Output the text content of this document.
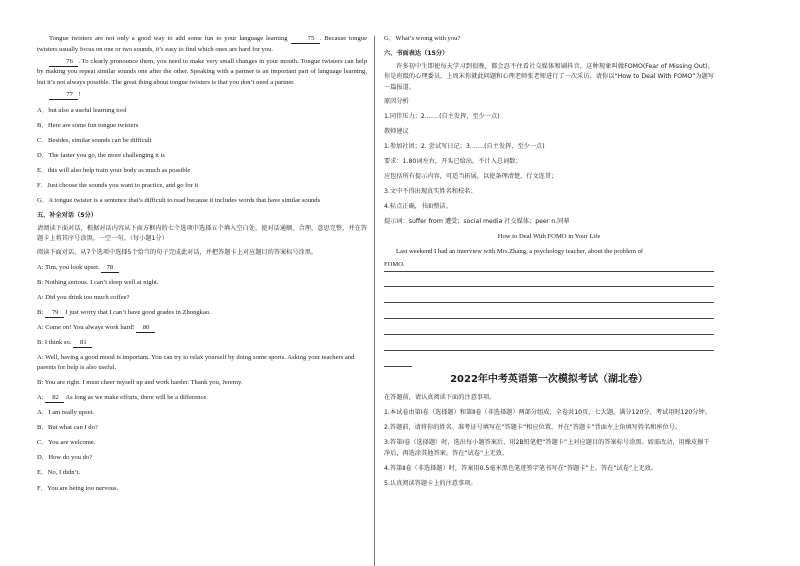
Tongue twisters are not only a good way to add some fun to your language learning	75 . Because tongue twisters usually focus on one or two sounds, it’s easy to find which ones are hard for you.

76 . To clearly pronounce them, you need to make very small changes in your mouth. Tongue twisters can help by making you repeat similar sounds one after the other. Speaking with a partner is an important part of language learning, but it’s not always possible. The great thing about tongue twisters is that you don’t need a partner.

77 !

A．but also a useful learning tool

B．Here are some fun tongue twisters

C．Besides, similar sounds can be difficult

D．The faster you go, the more challenging it is

E．this will also help train your body as much as possible

F．Just choose the sounds you want to practice, and go for it

G．A tongue twister is a sentence that’s difficult to read because it includes words that have similar sounds

五、补全对话（5分）

请阅读下面对话，根据对话内容从下面方框内的七个选项中选择五个填入空白处，使对话通顺、合理，意思完整，并在答题卡上将其序号涂黑。一空一句。（每小题1分）

阅读下面对话，从7个选项中选择5个恰当的句子完成此对话，并把答题卡上对应题目的答案标号涂黑。

A: Tim, you look upset. 78

B: Nothing serious. I can’t sleep well at night.

A: Did you drink too much coffee?

B: 79 I just worry that I can’t have good grades in Zhongkao.

A: Come on! You always work hard! 80

B: I think so. 81

A: Well, having a good mood is important. You can try to relax yourself by doing some sports. Asking your teachers and parents for help is also useful.

B: You are right. I must cheer myself up and work harder. Thank you, Jeremy.

A: 82 As long as we make efforts, there will be a difference.

A．I am really upset.

B．But what can I do?

C．You are welcome.

D．How do you do?

E．No, I didn’t.

F．You are being too nervous.

G．What’s wrong with you?

六、书面表达（15分）

许多初中生即使每天学习到很晚，都会忍不住看社交媒体和刷抖音，这种现象叫做FOMO(Fear of Missing Out)。你是班级的心理委员，上周末你就此问题和心理老师张老师进行了一次采访。请你以“How to Deal With FOMO”为题写一篇报道。

原因分析

1.同伴压力；2.……(自主发挥，至少一点)

教师建议

1.参加社团；2. 尝试写日记；3.……(自主发挥，至少一点)

要求：1.80词左右，开头已给出，不计入总词数；

应包括所有提示内容，可适当拓展，以使条理清楚、行文连贯；

3.文中不得出现真实姓名和校名；

4.标点正确，书面整洁。

提示词：suffer from 遭受；social media 社交媒体；peer n.同辈

How to Deal With FOMO in Your Life

Last weekend I had an interview with Mrs.Zhang, a psychology teacher, about the problem of

FOMO.

2022年中考英语第一次模拟考试（湖北卷）

在答题前，请认真阅读下面的注意事项。

1.本试卷由第Ⅰ卷（选择题）和第Ⅱ卷（非选择题）两部分组成，全卷共10页，七大题，满分120分。考试用时120分钟。

2.答题前，请将你的姓名、准考证号填写在“答题卡”相应位置，并在“答题卡”背面左上角填写姓名和座位号。

3.答第Ⅰ卷（选择题）时，选出每小题答案后，用2B铅笔把“答题卡”上对应题目的答案标号涂黑。如需改动，用橡皮擦干净后，再选涂其他答案。答在“试卷”上无效。

4.答第Ⅱ卷（非选择题）时，答案用0.5毫米黑色笔迹签字笔书写在“答题卡”上。答在“试卷”上无效。

5.认真阅读答题卡上的注意事项。
